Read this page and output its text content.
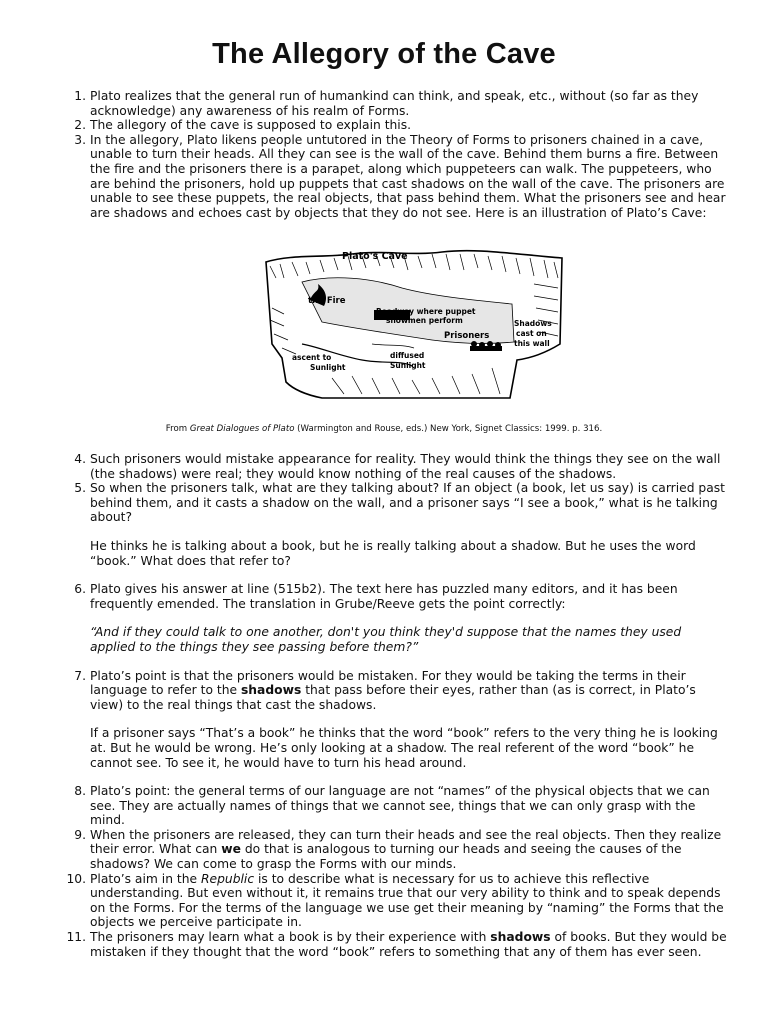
The Allegory of the Cave
1. Plato realizes that the general run of humankind can think, and speak, etc., without (so far as they acknowledge) any awareness of his realm of Forms.

2. The allegory of the cave is supposed to explain this.

3. In the allegory, Plato likens people untutored in the Theory of Forms to prisoners chained in a cave, unable to turn their heads. All they can see is the wall of the cave. Behind them burns a fire. Between the fire and the prisoners there is a parapet, along which puppeteers can walk. The puppeteers, who are behind the prisoners, hold up puppets that cast shadows on the wall of the cave. The prisoners are unable to see these puppets, the real objects, that pass behind them. What the prisoners see and hear are shadows and echoes cast by objects that they do not see. Here is an illustration of Plato’s Cave:

Plato's Cave
the Fire
Roadway where puppet
showmen perform
Prisoners
Shadows
cast on
this wall
ascent to
Sunlight
diffused
Sunlight
From Great Dialogues of Plato (Warmington and Rouse, eds.) New York, Signet Classics: 1999. p. 316.
4. Such prisoners would mistake appearance for reality. They would think the things they see on the wall (the shadows) were real; they would know nothing of the real causes of the shadows.

5. So when the prisoners talk, what are they talking about? If an object (a book, let us say) is carried past behind them, and it casts a shadow on the wall, and a prisoner says “I see a book,” what is he talking about?

He thinks he is talking about a book, but he is really talking about a shadow. But he uses the word “book.” What does that refer to?

6. Plato gives his answer at line (515b2). The text here has puzzled many editors, and it has been frequently emended. The translation in Grube/Reeve gets the point correctly:

“And if they could talk to one another, don't you think they'd suppose that the names they used applied to the things they see passing before them?”

7. Plato’s point is that the prisoners would be mistaken. For they would be taking the terms in their language to refer to the shadows that pass before their eyes, rather than (as is correct, in Plato’s view) to the real things that cast the shadows.

If a prisoner says “That’s a book” he thinks that the word “book” refers to the very thing he is looking at. But he would be wrong. He’s only looking at a shadow. The real referent of the word “book” he cannot see. To see it, he would have to turn his head around.

8. Plato’s point: the general terms of our language are not “names” of the physical objects that we can see. They are actually names of things that we cannot see, things that we can only grasp with the mind.

9. When the prisoners are released, they can turn their heads and see the real objects. Then they realize their error. What can we do that is analogous to turning our heads and seeing the causes of the shadows? We can come to grasp the Forms with our minds.

10. Plato’s aim in the Republic is to describe what is necessary for us to achieve this reflective understanding. But even without it, it remains true that our very ability to think and to speak depends on the Forms. For the terms of the language we use get their meaning by “naming” the Forms that the objects we perceive participate in.

11. The prisoners may learn what a book is by their experience with shadows of books. But they would be mistaken if they thought that the word “book” refers to something that any of them has ever seen.
